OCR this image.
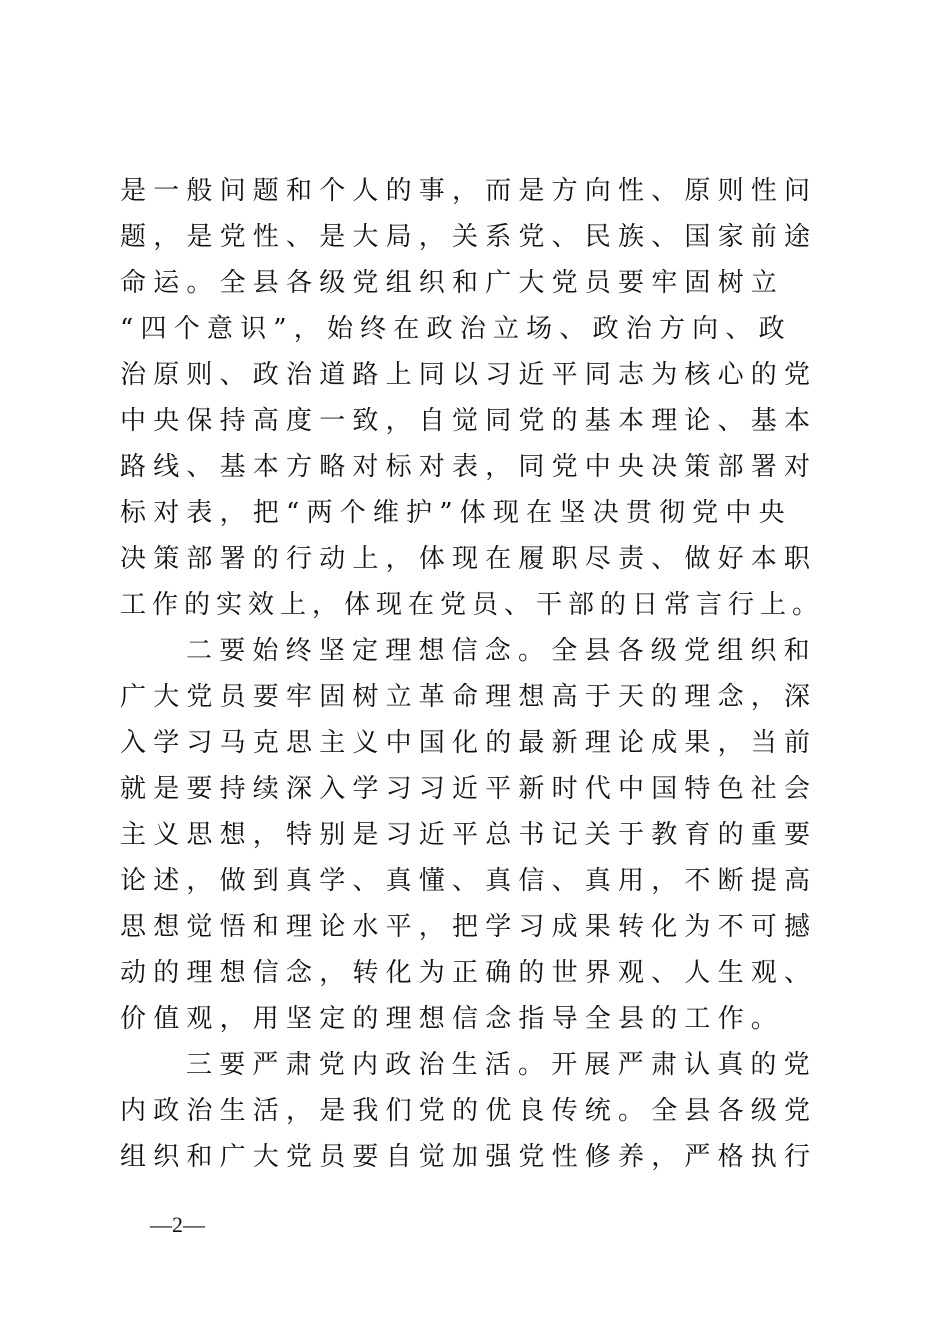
是一般问题和个人的事，而是方向性、原则性问
题，是党性、是大局，关系党、民族、国家前途
命运。全县各级党组织和广大党员要牢固树立
“四个意识”，始终在政治立场、政治方向、政
治原则、政治道路上同以习近平同志为核心的党
中央保持高度一致，自觉同党的基本理论、基本
路线、基本方略对标对表，同党中央决策部署对
标对表，把“两个维护”体现在坚决贯彻党中央
决策部署的行动上，体现在履职尽责、做好本职
工作的实效上，体现在党员、干部的日常言行上。
二要始终坚定理想信念。全县各级党组织和
广大党员要牢固树立革命理想高于天的理念，深
入学习马克思主义中国化的最新理论成果，当前
就是要持续深入学习习近平新时代中国特色社会
主义思想，特别是习近平总书记关于教育的重要
论述，做到真学、真懂、真信、真用，不断提高
思想觉悟和理论水平，把学习成果转化为不可撼
动的理想信念，转化为正确的世界观、人生观、
价值观，用坚定的理想信念指导全县的工作。
三要严肃党内政治生活。开展严肃认真的党
内政治生活，是我们党的优良传统。全县各级党
组织和广大党员要自觉加强党性修养，严格执行
—2—
